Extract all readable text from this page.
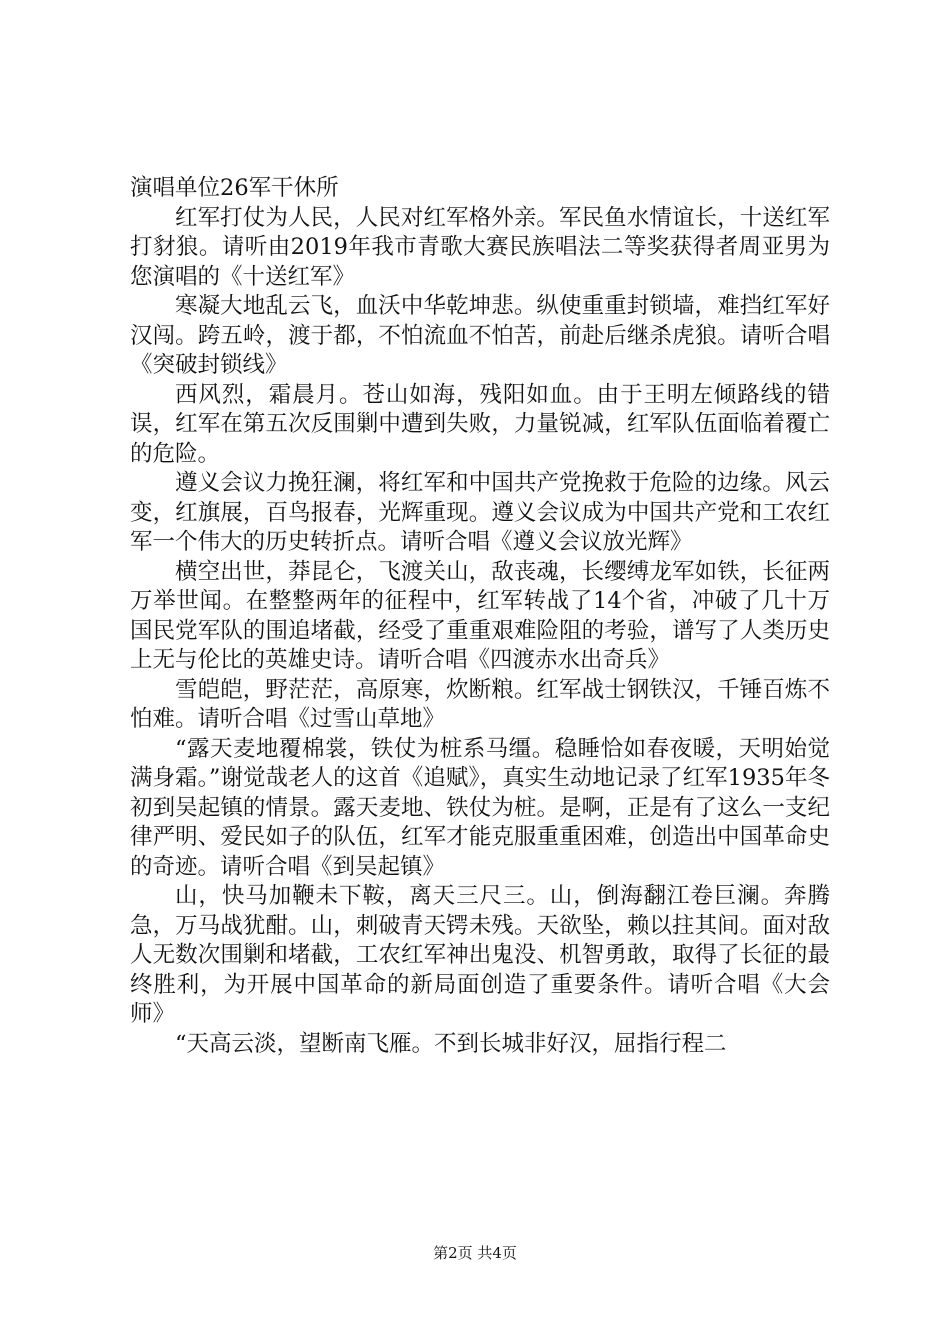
演唱单位26军干休所

红军打仗为人民，人民对红军格外亲。军民鱼水情谊长，十送红军打豺狼。请听由2019年我市青歌大赛民族唱法二等奖获得者周亚男为您演唱的《十送红军》

寒凝大地乱云飞，血沃中华乾坤悲。纵使重重封锁墙，难挡红军好汉闯。跨五岭，渡于都，不怕流血不怕苦，前赴后继杀虎狼。请听合唱《突破封锁线》

西风烈，霜晨月。苍山如海，残阳如血。由于王明左倾路线的错误，红军在第五次反围剿中遭到失败，力量锐减，红军队伍面临着覆亡的危险。

遵义会议力挽狂澜，将红军和中国共产党挽救于危险的边缘。风云变，红旗展，百鸟报春，光辉重现。遵义会议成为中国共产党和工农红军一个伟大的历史转折点。请听合唱《遵义会议放光辉》

横空出世，莽昆仑，飞渡关山，敌丧魂，长缨缚龙军如铁，长征两万举世闻。在整整两年的征程中，红军转战了14个省，冲破了几十万国民党军队的围追堵截，经受了重重艰难险阻的考验，谱写了人类历史上无与伦比的英雄史诗。请听合唱《四渡赤水出奇兵》

雪皑皑，野茫茫，高原寒，炊断粮。红军战士钢铁汉，千锤百炼不怕难。请听合唱《过雪山草地》

“露天麦地覆棉裳，铁仗为桩系马缰。稳睡恰如春夜暖，天明始觉满身霜。”谢觉哉老人的这首《追赋》，真实生动地记录了红军1935年冬初到吴起镇的情景。露天麦地、铁仗为桩。是啊，正是有了这么一支纪律严明、爱民如子的队伍，红军才能克服重重困难，创造出中国革命史的奇迹。请听合唱《到吴起镇》

山，快马加鞭未下鞍，离天三尺三。山，倒海翻江卷巨澜。奔腾急，万马战犹酣。山，刺破青天锷未残。天欲坠，赖以拄其间。面对敌人无数次围剿和堵截，工农红军神出鬼没、机智勇敢，取得了长征的最终胜利，为开展中国革命的新局面创造了重要条件。请听合唱《大会师》

“天高云淡，望断南飞雁。不到长城非好汉，屈指行程二

第2页 共4页
